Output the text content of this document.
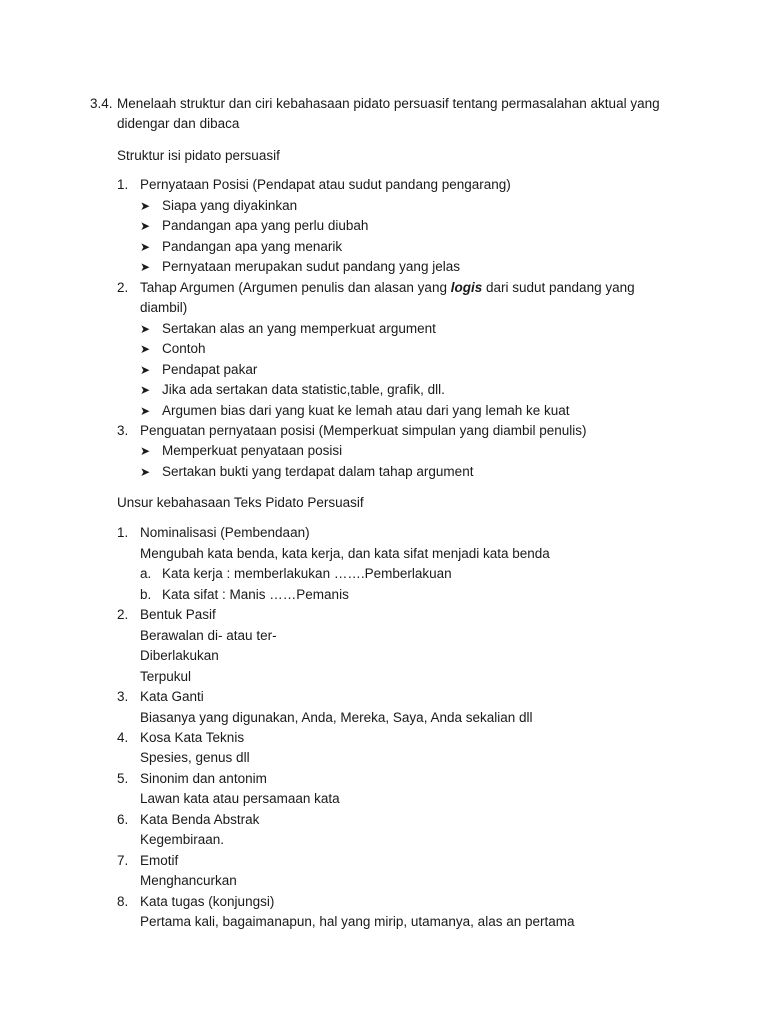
3.4. Menelaah struktur dan ciri kebahasaan pidato persuasif tentang permasalahan aktual yang
didengar dan dibaca
Struktur isi pidato persuasif
1. Pernyataan Posisi (Pendapat atau sudut pandang pengarang)
➤ Siapa yang diyakinkan
➤ Pandangan apa yang perlu diubah
➤ Pandangan apa yang menarik
➤ Pernyataan merupakan sudut pandang yang jelas
2. Tahap Argumen (Argumen penulis dan alasan yang logis dari sudut pandang yang
diambil)
➤ Sertakan alas an yang memperkuat argument
➤ Contoh
➤ Pendapat pakar
➤ Jika ada sertakan data statistic,table, grafik, dll.
➤ Argumen bias dari yang kuat ke lemah atau dari yang lemah ke kuat
3. Penguatan pernyataan posisi (Memperkuat simpulan yang diambil penulis)
➤ Memperkuat penyataan posisi
➤ Sertakan bukti yang terdapat dalam tahap argument
Unsur kebahasaan Teks Pidato Persuasif
1. Nominalisasi (Pembendaan)
Mengubah kata benda, kata kerja, dan kata sifat menjadi kata benda
a. Kata kerja : memberlakukan …….Pemberlakuan
b. Kata sifat : Manis ……Pemanis
2. Bentuk Pasif
Berawalan di- atau ter-
Diberlakukan
Terpukul
3. Kata Ganti
Biasanya yang digunakan, Anda, Mereka, Saya, Anda sekalian dll
4. Kosa Kata Teknis
Spesies, genus dll
5. Sinonim dan antonim
Lawan kata atau persamaan kata
6. Kata Benda Abstrak
Kegembiraan.
7. Emotif
Menghancurkan
8. Kata tugas (konjungsi)
Pertama kali, bagaimanapun, hal yang mirip, utamanya, alas an pertama
